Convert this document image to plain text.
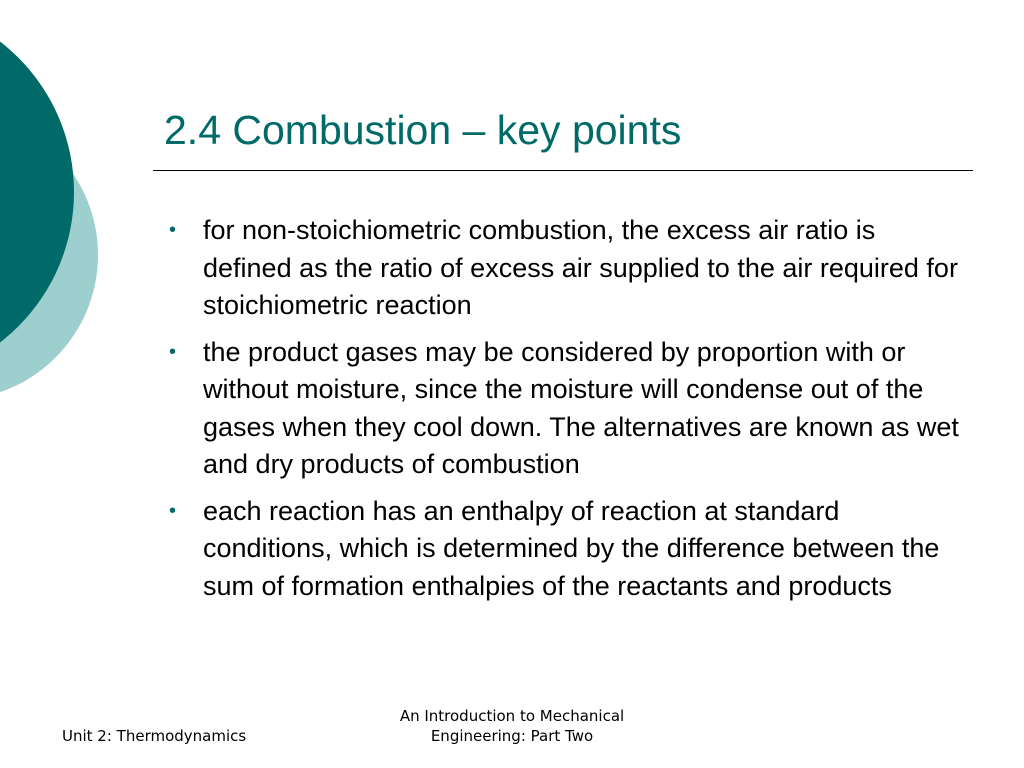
2.4 Combustion – key points
• for non-stoichiometric combustion, the excess air ratio is defined as the ratio of excess air supplied to the air required for stoichiometric reaction
• the product gases may be considered by proportion with or without moisture, since the moisture will condense out of the gases when they cool down. The alternatives are known as wet and dry products of combustion
• each reaction has an enthalpy of reaction at standard conditions, which is determined by the difference between the sum of formation enthalpies of the reactants and products
Unit 2: Thermodynamics
An Introduction to Mechanical
Engineering: Part Two
